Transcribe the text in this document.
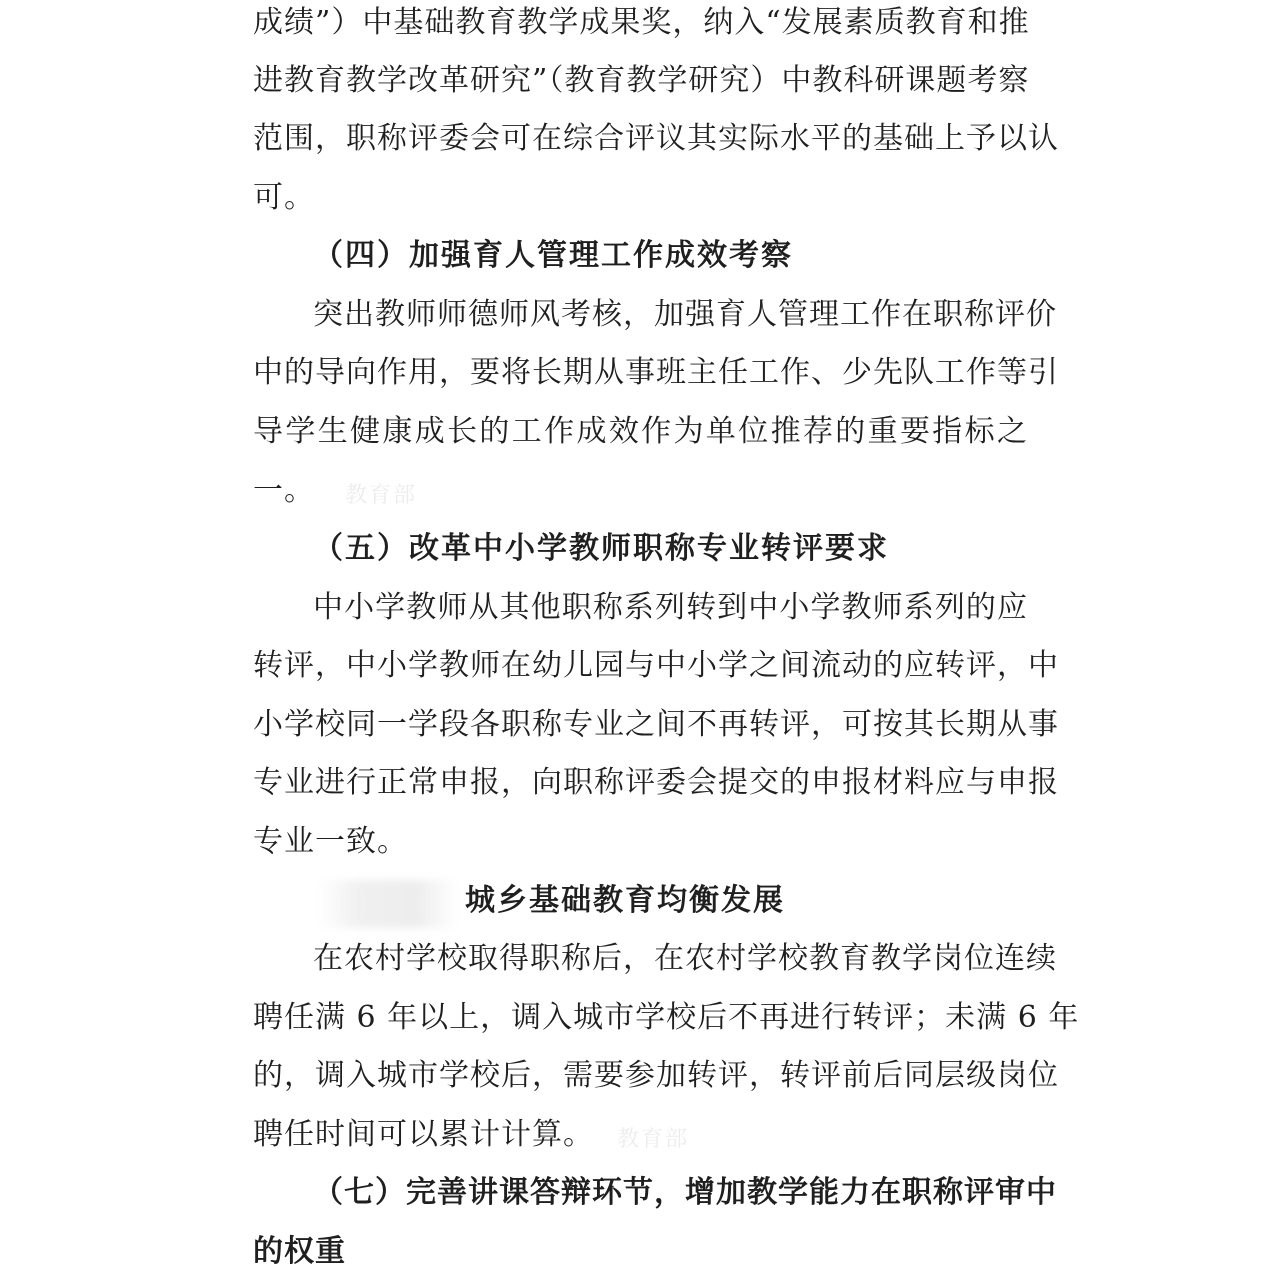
成绩”）中基础教育教学成果奖，纳入“发展素质教育和推
进教育教学改革研究”（教育教学研究）中教科研课题考察
范围，职称评委会可在综合评议其实际水平的基础上予以认
可。
（四）加强育人管理工作成效考察
突出教师师德师风考核，加强育人管理工作在职称评价
中的导向作用，要将长期从事班主任工作、少先队工作等引
导学生健康成长的工作成效作为单位推荐的重要指标之
一。	教育部
（五）改革中小学教师职称专业转评要求
中小学教师从其他职称系列转到中小学教师系列的应
转评，中小学教师在幼儿园与中小学之间流动的应转评，中
小学校同一学段各职称专业之间不再转评，可按其长期从事
专业进行正常申报，向职称评委会提交的申报材料应与申报
专业一致。
城乡基础教育均衡发展
在农村学校取得职称后，在农村学校教育教学岗位连续
聘任满 6 年以上，调入城市学校后不再进行转评；未满 6 年
的，调入城市学校后，需要参加转评，转评前后同层级岗位
聘任时间可以累计计算。	教育部
（七）完善讲课答辩环节，增加教学能力在职称评审中
的权重
